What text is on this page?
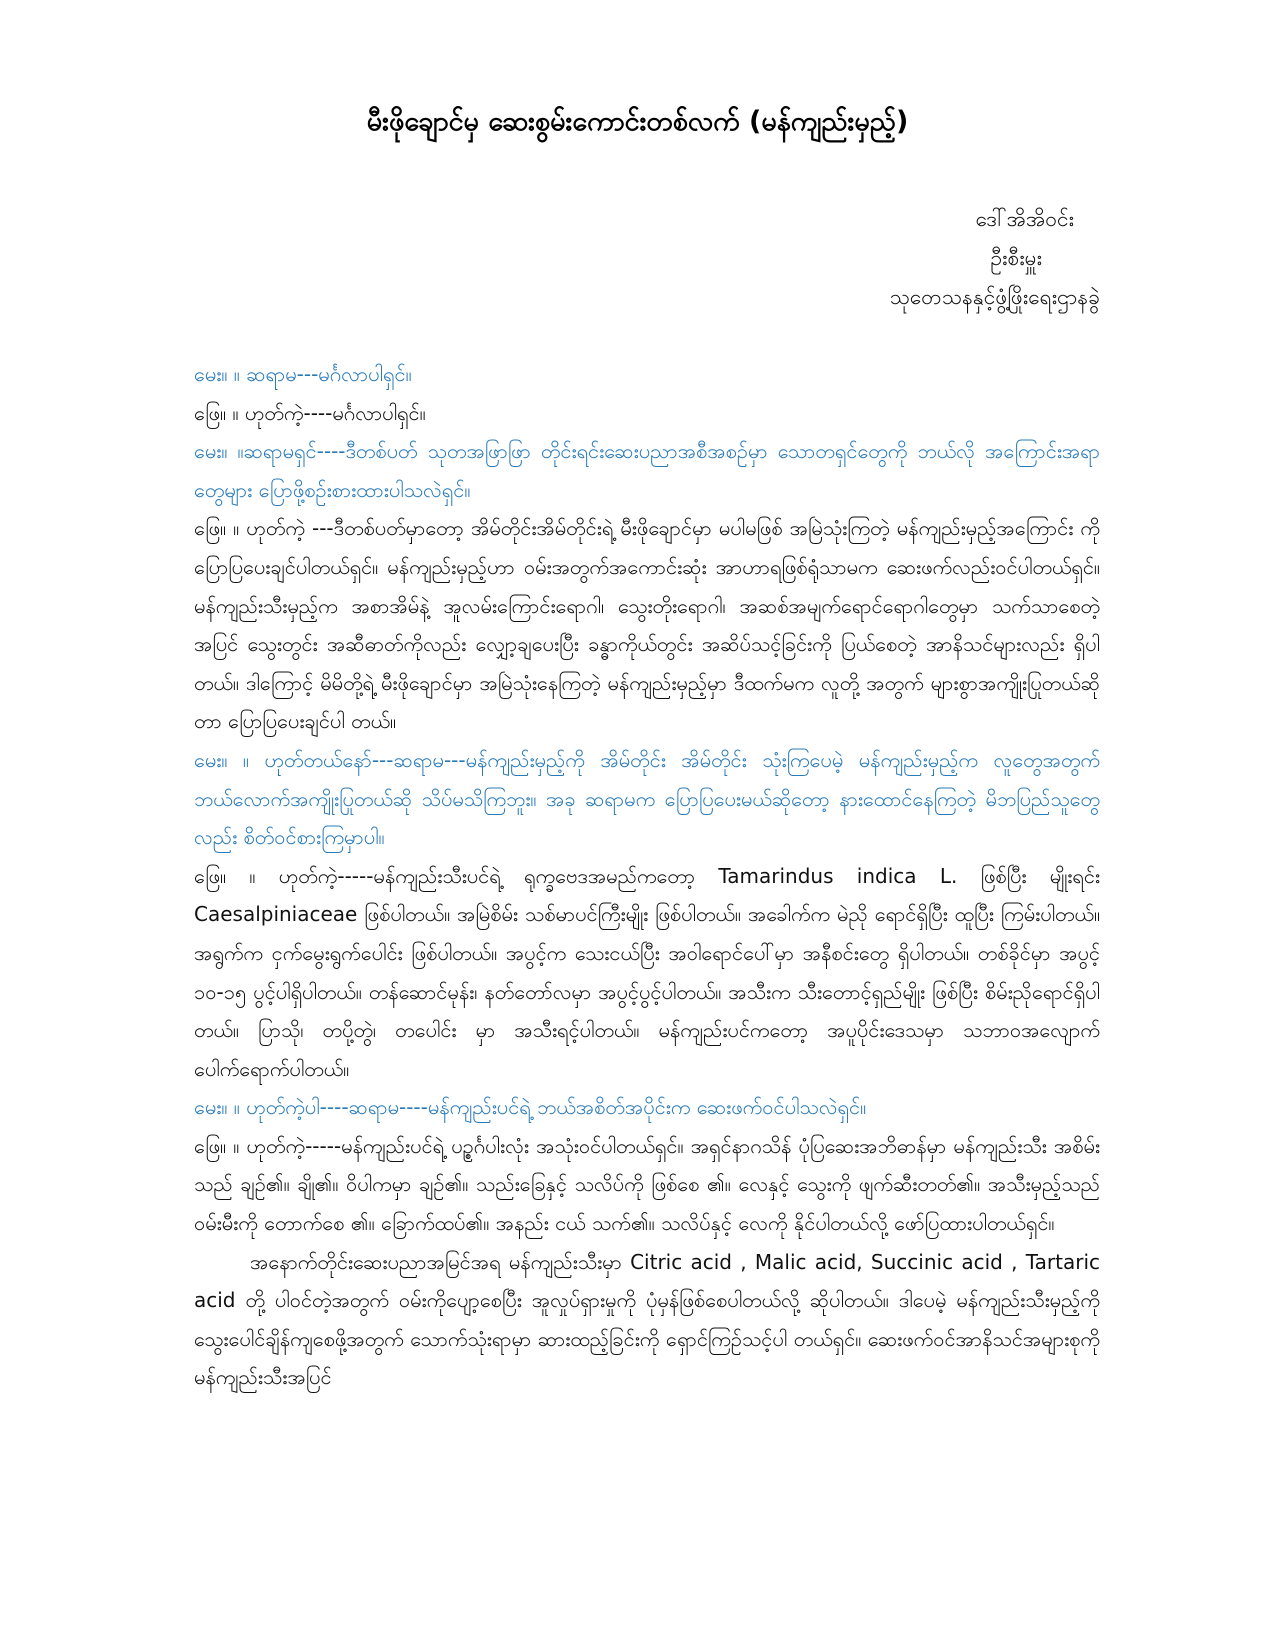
မီးဖိုချောင်မှ ဆေးစွမ်းကောင်းတစ်လက် (မန်ကျည်းမှည့်)
ဒေါ်အိအိဝင်း
ဦးစီးမှူး
သုတေသနနှင့်ဖွံ့ဖြိုးရေးဌာနခွဲ

မေး။ ။ ဆရာမ---မင်္ဂလာပါရှင်။

ဖြေ။ ။ ဟုတ်ကဲ့----မင်္ဂလာပါရှင်။

မေး။ ။ဆရာမရှင်----ဒီတစ်ပတ် သုတအဖြာဖြာ တိုင်းရင်းဆေးပညာအစီအစဉ်မှာ သောတရှင်တွေကို ဘယ်လို အကြောင်းအရာတွေများ ပြောဖို့စဉ်းစားထားပါသလဲရှင်။

ဖြေ။ ။ ဟုတ်ကဲ့ ---ဒီတစ်ပတ်မှာတော့ အိမ်တိုင်းအိမ်တိုင်းရဲ့ မီးဖိုချောင်မှာ မပါမဖြစ် အမြဲသုံးကြတဲ့ မန်ကျည်းမှည့်အကြောင်း ကိုပြောပြပေးချင်ပါတယ်ရှင်။ မန်ကျည်းမှည့်ဟာ ဝမ်းအတွက်အကောင်းဆုံး အာဟာရဖြစ်ရုံသာမက ဆေးဖက်လည်းဝင်ပါတယ်ရှင်။ မန်ကျည်းသီးမှည့်က အစာအိမ်နဲ့ အူလမ်းကြောင်းရောဂါ၊ သွေးတိုးရောဂါ၊ အဆစ်အမျက်ရောင်ရောဂါတွေမှာ သက်သာစေတဲ့အပြင် သွေးတွင်း အဆီဓာတ်ကိုလည်း လျှော့ချပေးပြီး ခန္ဓာကိုယ်တွင်း အဆိပ်သင့်ခြင်းကို ပြယ်စေတဲ့ အာနိသင်များလည်း ရှိပါတယ်။ ဒါကြောင့် မိမိတို့ရဲ့ မီးဖိုချောင်မှာ အမြဲသုံးနေကြတဲ့ မန်ကျည်းမှည့်မှာ ဒီထက်မက လူတို့ အတွက် များစွာအကျိုးပြုတယ်ဆိုတာ ပြောပြပေးချင်ပါ တယ်။

မေး။ ။ ဟုတ်တယ်နော်---ဆရာမ---မန်ကျည်းမှည့်ကို အိမ်တိုင်း အိမ်တိုင်း သုံးကြပေမဲ့ မန်ကျည်းမှည့်က လူတွေအတွက် ဘယ်လောက်အကျိုးပြုတယ်ဆို သိပ်မသိကြဘူး။ အခု ဆရာမက ပြောပြပေးမယ်ဆိုတော့ နားထောင်နေကြတဲ့ မိဘပြည်သူတွေလည်း စိတ်ဝင်စားကြမှာပါ။

ဖြေ။ ။ ဟုတ်ကဲ့-----မန်ကျည်းသီးပင်ရဲ့ ရုက္ခဗေဒအမည်ကတော့ Tamarindus indica L. ဖြစ်ပြီး မျိုးရင်း Caesalpiniaceae ဖြစ်ပါတယ်။ အမြဲစိမ်း သစ်မာပင်ကြီးမျိုး ဖြစ်ပါတယ်။ အခေါက်က မဲညို ရောင်ရှိပြီး ထူပြီး ကြမ်းပါတယ်။ အရွက်က ငှက်မွေးရွက်ပေါင်း ဖြစ်ပါတယ်။ အပွင့်က သေးငယ်ပြီး အဝါရောင်ပေါ်မှာ အနီစင်းတွေ ရှိပါတယ်။ တစ်ခိုင်မှာ အပွင့် ၁၀-၁၅ ပွင့်ပါရှိပါတယ်။ တန်ဆောင်မုန်း၊ နတ်တော်လမှာ အပွင့်ပွင့်ပါတယ်။ အသီးက သီးတောင့်ရှည်မျိုး ဖြစ်ပြီး စိမ်းညိုရောင်ရှိပါတယ်။ ပြာသို၊ တပို့တွဲ၊ တပေါင်း မှာ အသီးရင့်ပါတယ်။ မန်ကျည်းပင်ကတော့ အပူပိုင်းဒေသမှာ သဘာဝအလျောက် ပေါက်ရောက်ပါတယ်။

မေး။ ။ ဟုတ်ကဲ့ပါ----ဆရာမ----မန်ကျည်းပင်ရဲ့ ဘယ်အစိတ်အပိုင်းက ဆေးဖက်ဝင်ပါသလဲရှင်။

ဖြေ။ ။ ဟုတ်ကဲ့-----မန်ကျည်းပင်ရဲ့ ပဥ္စင်္ဂပါးလုံး အသုံးဝင်ပါတယ်ရှင်။ အရှင်နာဂသိန် ပုံပြဆေးအဘိဓာန်မှာ မန်ကျည်းသီး အစိမ်းသည် ချဉ်၏။ ချို၏။ ဝိပါကမှာ ချဉ်၏။ သည်းခြေနှင့် သလိပ်ကို ဖြစ်စေ ၏။ လေနှင့် သွေးကို ဖျက်ဆီးတတ်၏။ အသီးမှည့်သည် ဝမ်းမီးကို တောက်စေ ၏။ ခြောက်ထပ်၏။ အနည်း ငယ် သက်၏။ သလိပ်နှင့် လေကို နိုင်ပါတယ်လို့ ဖော်ပြထားပါတယ်ရှင်။

အနောက်တိုင်းဆေးပညာအမြင်အရ မန်ကျည်းသီးမှာ Citric acid , Malic acid, Succinic acid , Tartaric acid တို့ ပါဝင်တဲ့အတွက် ဝမ်းကိုပျော့စေပြီး အူလှုပ်ရှားမှုကို ပုံမှန်ဖြစ်စေပါတယ်လို့ ဆိုပါတယ်။ ဒါပေမဲ့ မန်ကျည်းသီးမှည့်ကို သွေးပေါင်ချိန်ကျစေဖို့အတွက် သောက်သုံးရာမှာ ဆားထည့်ခြင်းကို ရှောင်ကြဉ်သင့်ပါ တယ်ရှင်။ ဆေးဖက်ဝင်အာနိသင်အများစုကို မန်ကျည်းသီးအပြင်
